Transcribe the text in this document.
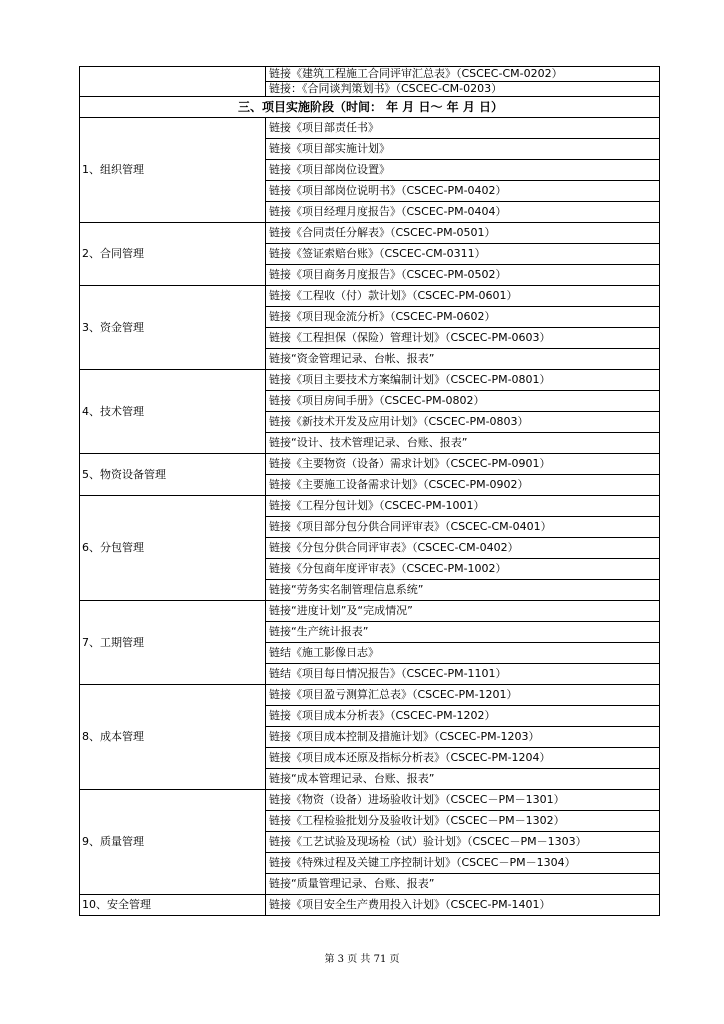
	链接《建筑工程施工合同评审汇总表》（CSCEC-CM-0202）
	链接：《合同谈判策划书》（CSCEC-CM-0203）
三、项目实施阶段（时间： 年 月 日～ 年 月 日）	
1、组织管理	链接《项目部责任书》
	链接《项目部实施计划》
	链接《项目部岗位设置》
	链接《项目部岗位说明书》（CSCEC-PM-0402）
	链接《项目经理月度报告》（CSCEC-PM-0404）
2、合同管理	链接《合同责任分解表》（CSCEC-PM-0501）
	链接《签证索赔台账》（CSCEC-CM-0311）
	链接《项目商务月度报告》（CSCEC-PM-0502）
3、资金管理	链接《工程收（付）款计划》（CSCEC-PM-0601）
	链接《项目现金流分析》（CSCEC-PM-0602）
	链接《工程担保（保险）管理计划》（CSCEC-PM-0603）
	链接“资金管理记录、台帐、报表”
4、技术管理	链接《项目主要技术方案编制计划》（CSCEC-PM-0801）
	链接《项目房间手册》（CSCEC-PM-0802）
	链接《新技术开发及应用计划》（CSCEC-PM-0803）
	链接“设计、技术管理记录、台账、报表”
5、物资设备管理	链接《主要物资（设备）需求计划》（CSCEC-PM-0901）
	链接《主要施工设备需求计划》（CSCEC-PM-0902）
6、分包管理	链接《工程分包计划》（CSCEC-PM-1001）
	链接《项目部分包分供合同评审表》（CSCEC-CM-0401）
	链接《分包分供合同评审表》（CSCEC-CM-0402）
	链接《分包商年度评审表》（CSCEC-PM-1002）
	链接“劳务实名制管理信息系统”
7、工期管理	链接“进度计划”及“完成情况”
	链接“生产统计报表”
	链结《施工影像日志》
	链结《项目每日情况报告》（CSCEC-PM-1101）
8、成本管理	链接《项目盈亏测算汇总表》（CSCEC-PM-1201）
	链接《项目成本分析表》（CSCEC-PM-1202）
	链接《项目成本控制及措施计划》（CSCEC-PM-1203）
	链接《项目成本还原及指标分析表》（CSCEC-PM-1204）
	链接“成本管理记录、台账、报表”
9、质量管理	链接《物资（设备）进场验收计划》（CSCEC－PM－1301）
	链接《工程检验批划分及验收计划》（CSCEC－PM－1302）
	链接《工艺试验及现场检（试）验计划》（CSCEC－PM－1303）
	链接《特殊过程及关键工序控制计划》（CSCEC－PM－1304）
	链接“质量管理记录、台账、报表”
10、安全管理	链接《项目安全生产费用投入计划》（CSCEC-PM-1401）
第 3 页 共 71 页
